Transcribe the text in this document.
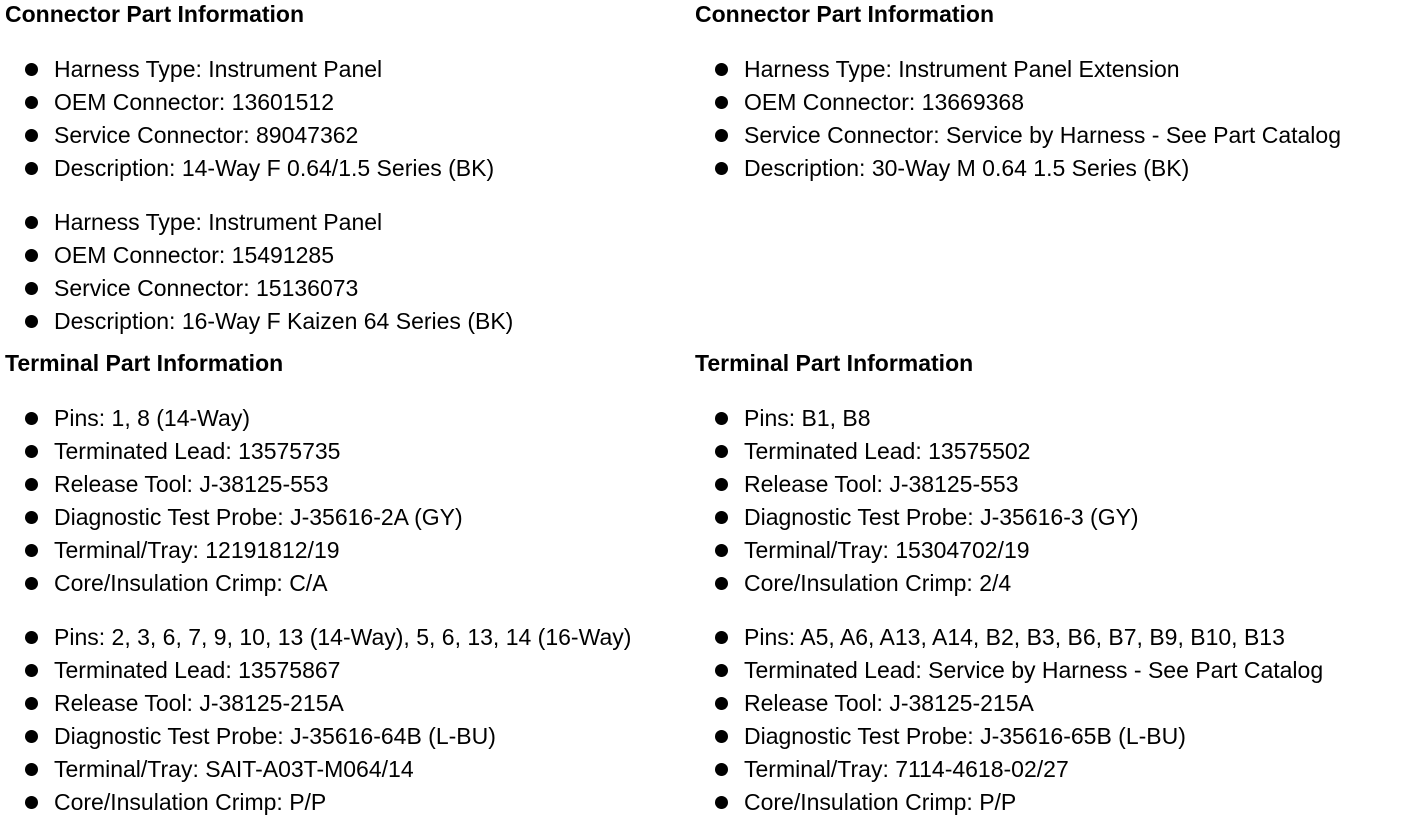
Connector Part Information
Harness Type: Instrument Panel
OEM Connector: 13601512
Service Connector: 89047362
Description: 14-Way F 0.64/1.5 Series (BK)
Harness Type: Instrument Panel
OEM Connector: 15491285
Service Connector: 15136073
Description: 16-Way F Kaizen 64 Series (BK)
Terminal Part Information
Pins: 1, 8 (14-Way)
Terminated Lead: 13575735
Release Tool: J-38125-553
Diagnostic Test Probe: J-35616-2A (GY)
Terminal/Tray: 12191812/19
Core/Insulation Crimp: C/A
Pins: 2, 3, 6, 7, 9, 10, 13 (14-Way), 5, 6, 13, 14 (16-Way)
Terminated Lead: 13575867
Release Tool: J-38125-215A
Diagnostic Test Probe: J-35616-64B (L-BU)
Terminal/Tray: SAIT-A03T-M064/14
Core/Insulation Crimp: P/P
Connector Part Information
Harness Type: Instrument Panel Extension
OEM Connector: 13669368
Service Connector: Service by Harness - See Part Catalog
Description: 30-Way M 0.64 1.5 Series (BK)
Terminal Part Information
Pins: B1, B8
Terminated Lead: 13575502
Release Tool: J-38125-553
Diagnostic Test Probe: J-35616-3 (GY)
Terminal/Tray: 15304702/19
Core/Insulation Crimp: 2/4
Pins: A5, A6, A13, A14, B2, B3, B6, B7, B9, B10, B13
Terminated Lead: Service by Harness - See Part Catalog
Release Tool: J-38125-215A
Diagnostic Test Probe: J-35616-65B (L-BU)
Terminal/Tray: 7114-4618-02/27
Core/Insulation Crimp: P/P
